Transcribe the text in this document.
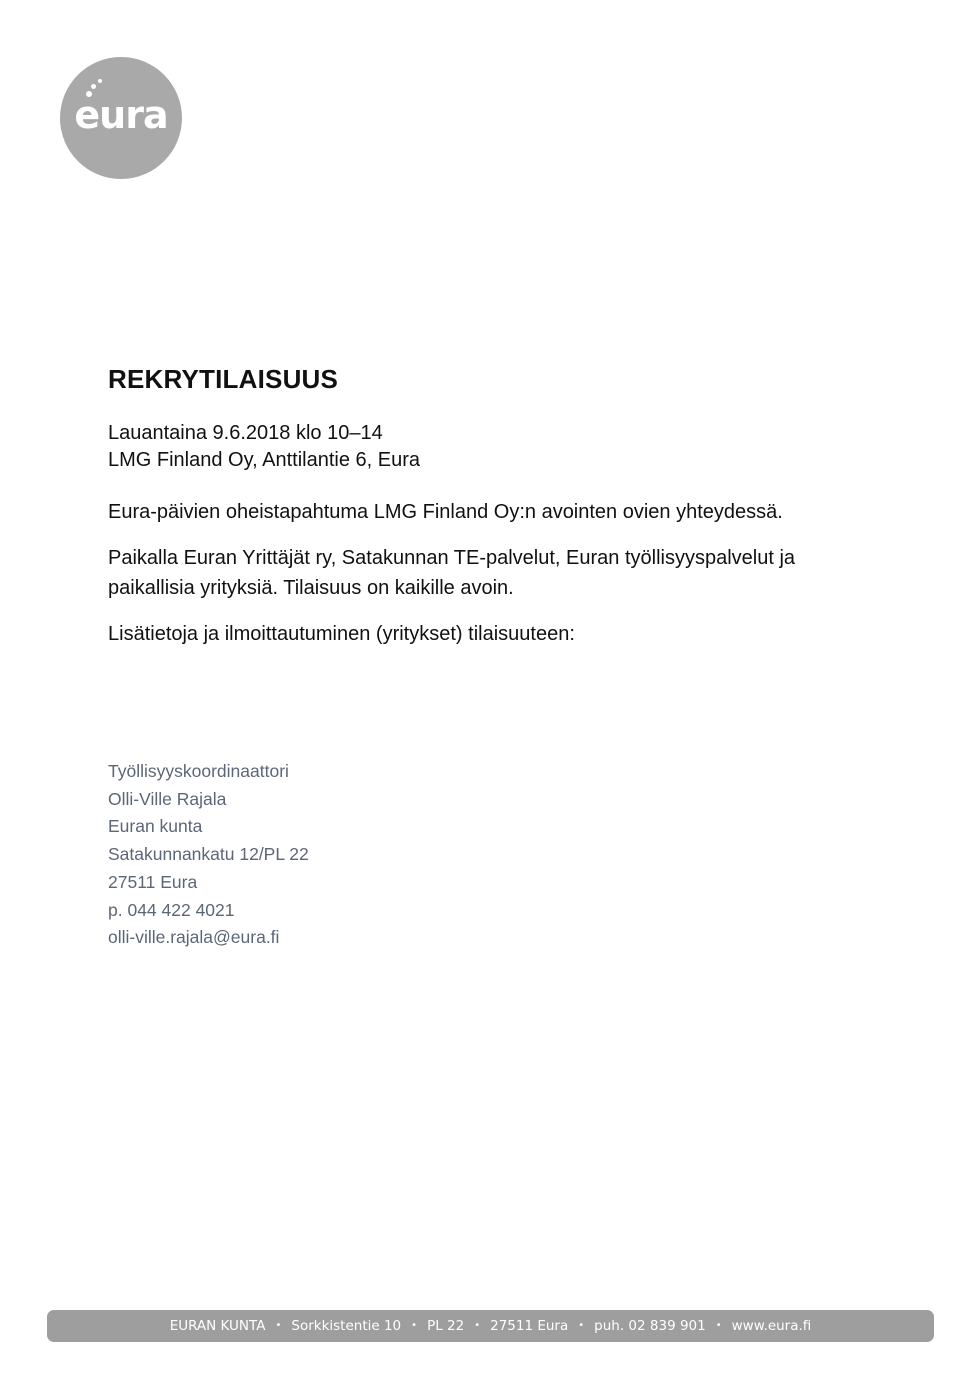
eura
REKRYTILAISUUS
Lauantaina 9.6.2018 klo 10–14
LMG Finland Oy, Anttilantie 6, Eura
Eura-päivien oheistapahtuma LMG Finland Oy:n avointen ovien yhteydessä.
Paikalla Euran Yrittäjät ry, Satakunnan TE-palvelut, Euran työllisyyspalvelut ja paikallisia yrityksiä. Tilaisuus on kaikille avoin.
Lisätietoja ja ilmoittautuminen (yritykset) tilaisuuteen:
Työllisyyskoordinaattori
Olli-Ville Rajala
Euran kunta
Satakunnankatu 12/PL 22
27511 Eura
p. 044 422 4021
olli-ville.rajala@eura.fi
EURAN KUNTA • Sorkkistentie 10 • PL 22 • 27511 Eura • puh. 02 839 901 • www.eura.fi
